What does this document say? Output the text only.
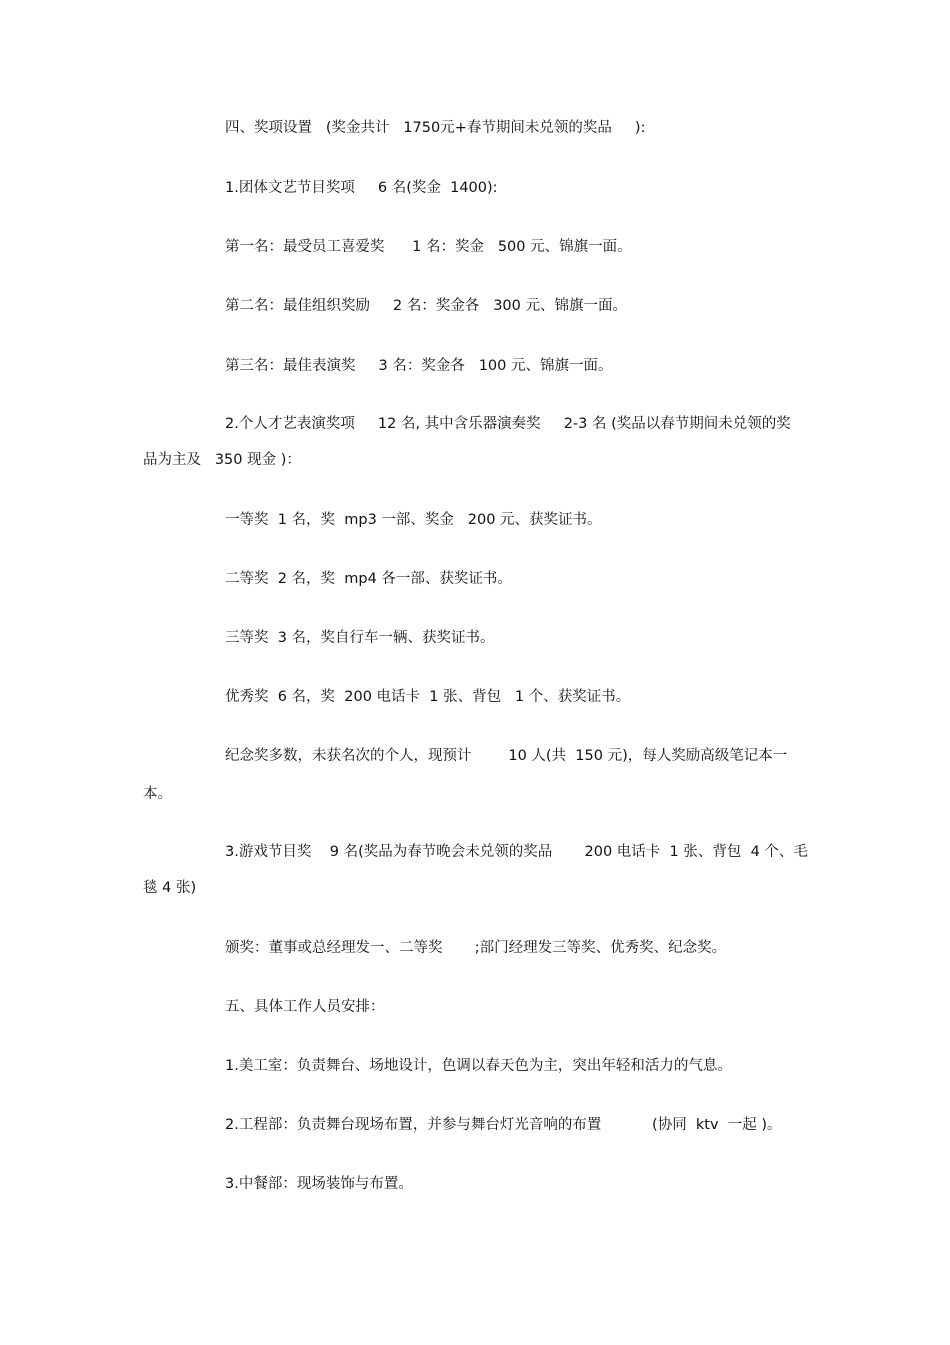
四、奖项设置   (奖金共计   1750元+春节期间未兑领的奖品     ):
1.团体文艺节目奖项     6 名(奖金  1400):
第一名：最受员工喜爱奖      1 名：奖金   500 元、锦旗一面。
第二名：最佳组织奖励     2 名：奖金各   300 元、锦旗一面。
第三名：最佳表演奖     3 名：奖金各   100 元、锦旗一面。
2.个人才艺表演奖项     12 名, 其中含乐器演奏奖     2-3 名 (奖品以春节期间未兑领的奖
品为主及   350 现金 )：
一等奖  1 名，奖  mp3 一部、奖金   200 元、获奖证书。
二等奖  2 名，奖  mp4 各一部、获奖证书。
三等奖  3 名，奖自行车一辆、获奖证书。
优秀奖  6 名，奖  200 电话卡  1 张、背包   1 个、获奖证书。
纪念奖多数，未获名次的个人，现预计        10 人(共  150 元)，每人奖励高级笔记本一
本。
3.游戏节目奖    9 名(奖品为春节晚会未兑领的奖品       200 电话卡  1 张、背包  4 个、毛
毯 4 张)
颁奖：董事或总经理发一、二等奖       ;部门经理发三等奖、优秀奖、纪念奖。
五、具体工作人员安排：
1.美工室：负责舞台、场地设计，色调以春天色为主，突出年轻和活力的气息。
2.工程部：负责舞台现场布置，并参与舞台灯光音响的布置           (协同  ktv  一起 )。
3.中餐部：现场装饰与布置。
